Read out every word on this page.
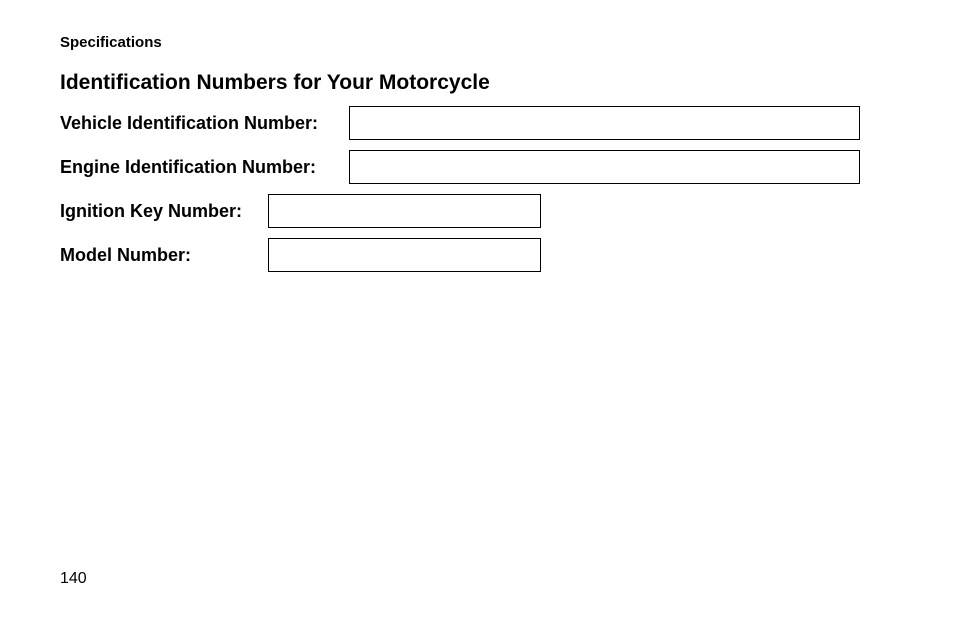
Specifications
Identification Numbers for Your Motorcycle
Vehicle Identification Number:
Engine Identification Number:
Ignition Key Number:
Model Number:
140
